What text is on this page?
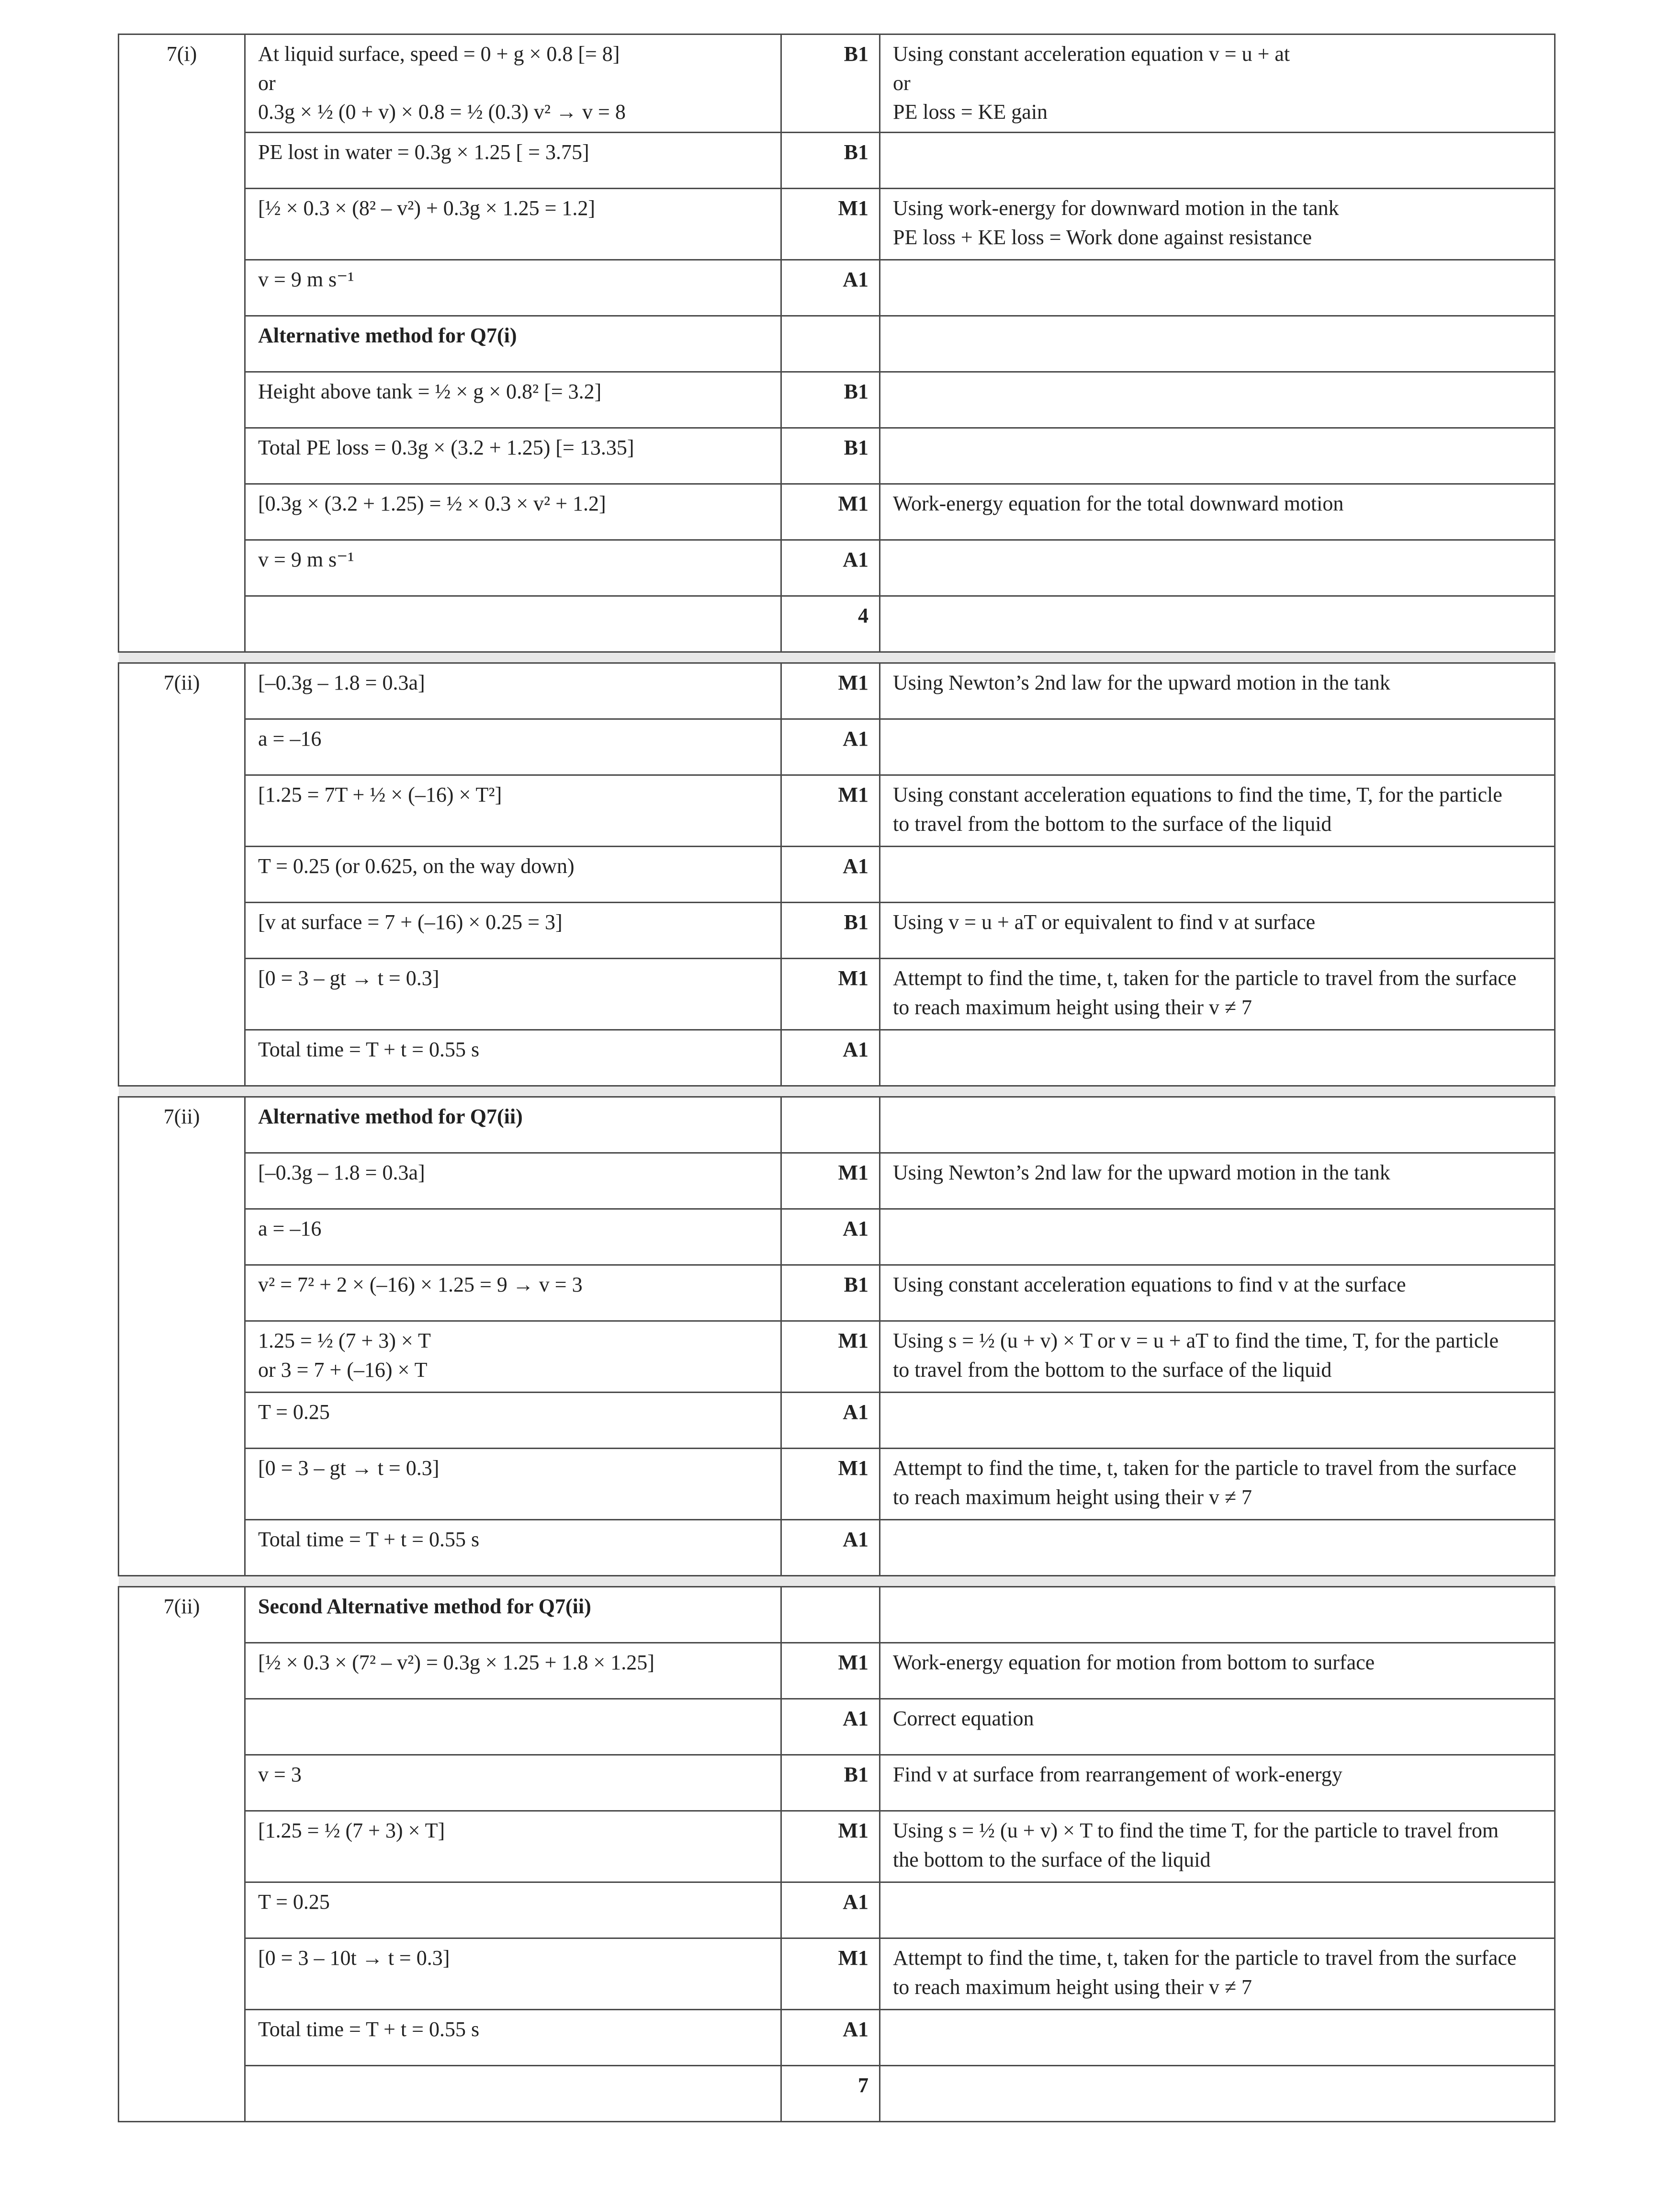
7(i)	At liquid surface, speed = 0 + g × 0.8 [= 8]
or
0.3g × ½ (0 + v) × 0.8 = ½ (0.3) v² → v = 8	B1	Using constant acceleration equation v = u + at
or
PE loss = KE gain

	PE lost in water = 0.3g × 1.25 [ = 3.75]	B1	

	[½ × 0.3 × (8² – v²) + 0.3g × 1.25 = 1.2]	M1	Using work-energy for downward motion in the tank
PE loss + KE loss = Work done against resistance

	v = 9 m s⁻¹	A1	

	Alternative method for Q7(i)		

	Height above tank = ½ × g × 0.8² [= 3.2]	B1	

	Total PE loss = 0.3g × (3.2 + 1.25) [= 13.35]	B1	

	[0.3g × (3.2 + 1.25) = ½ × 0.3 × v² + 1.2]	M1	Work-energy equation for the total downward motion

	v = 9 m s⁻¹	A1	
		4	

7(ii)	[–0.3g – 1.8 = 0.3a]	M1	Using Newton’s 2nd law for the upward motion in the tank

	a = –16	A1	

	[1.25 = 7T + ½ × (–16) × T²]	M1	Using constant acceleration equations to find the time, T, for the particle
to travel from the bottom to the surface of the liquid

	T = 0.25 (or 0.625, on the way down)	A1	

	[v at surface = 7 + (–16) × 0.25 = 3]	B1	Using v = u + aT or equivalent to find v at surface

	[0 = 3 – gt → t = 0.3]	M1	Attempt to find the time, t, taken for the particle to travel from the surface
to reach maximum height using their v ≠ 7

	Total time = T + t = 0.55 s	A1	

7(ii)	Alternative method for Q7(ii)		

	[–0.3g – 1.8 = 0.3a]	M1	Using Newton’s 2nd law for the upward motion in the tank

	a = –16	A1	

	v² = 7² + 2 × (–16) × 1.25 = 9 → v = 3	B1	Using constant acceleration equations to find v at the surface

	1.25 = ½ (7 + 3) × T
or 3 = 7 + (–16) × T	M1	Using s = ½ (u + v) × T or v = u + aT to find the time, T, for the particle
to travel from the bottom to the surface of the liquid

	T = 0.25	A1	

	[0 = 3 – gt → t = 0.3]	M1	Attempt to find the time, t, taken for the particle to travel from the surface
to reach maximum height using their v ≠ 7

	Total time = T + t = 0.55 s	A1	

7(ii)	Second Alternative method for Q7(ii)		

	[½ × 0.3 × (7² – v²) = 0.3g × 1.25 + 1.8 × 1.25]	M1	Work-energy equation for motion from bottom to surface

		A1	Correct equation

	v = 3	B1	Find v at surface from rearrangement of work-energy

	[1.25 = ½ (7 + 3) × T]	M1	Using s = ½ (u + v) × T to find the time T, for the particle to travel from
the bottom to the surface of the liquid

	T = 0.25	A1	

	[0 = 3 – 10t → t = 0.3]	M1	Attempt to find the time, t, taken for the particle to travel from the surface
to reach maximum height using their v ≠ 7

	Total time = T + t = 0.55 s	A1	
		7	
